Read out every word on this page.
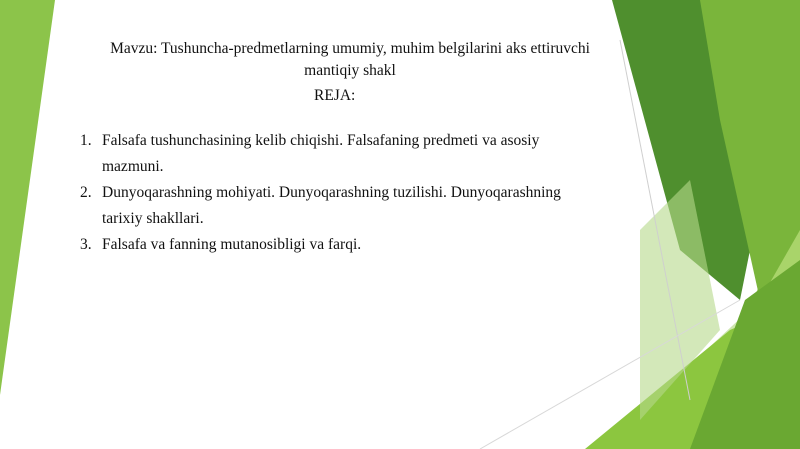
Mavzu: Tushuncha-predmetlarning umumiy, muhim belgilarini aks ettiruvchi mantiqiy shakl
REJA:
1. Falsafa tushunchasining kelib chiqishi. Falsafaning predmeti va asosiy mazmuni.
2. Dunyoqarashning mohiyati. Dunyoqarashning tuzilishi. Dunyoqarashning tarixiy shakllari.
3. Falsafa va fanning mutanosibligi va farqi.
